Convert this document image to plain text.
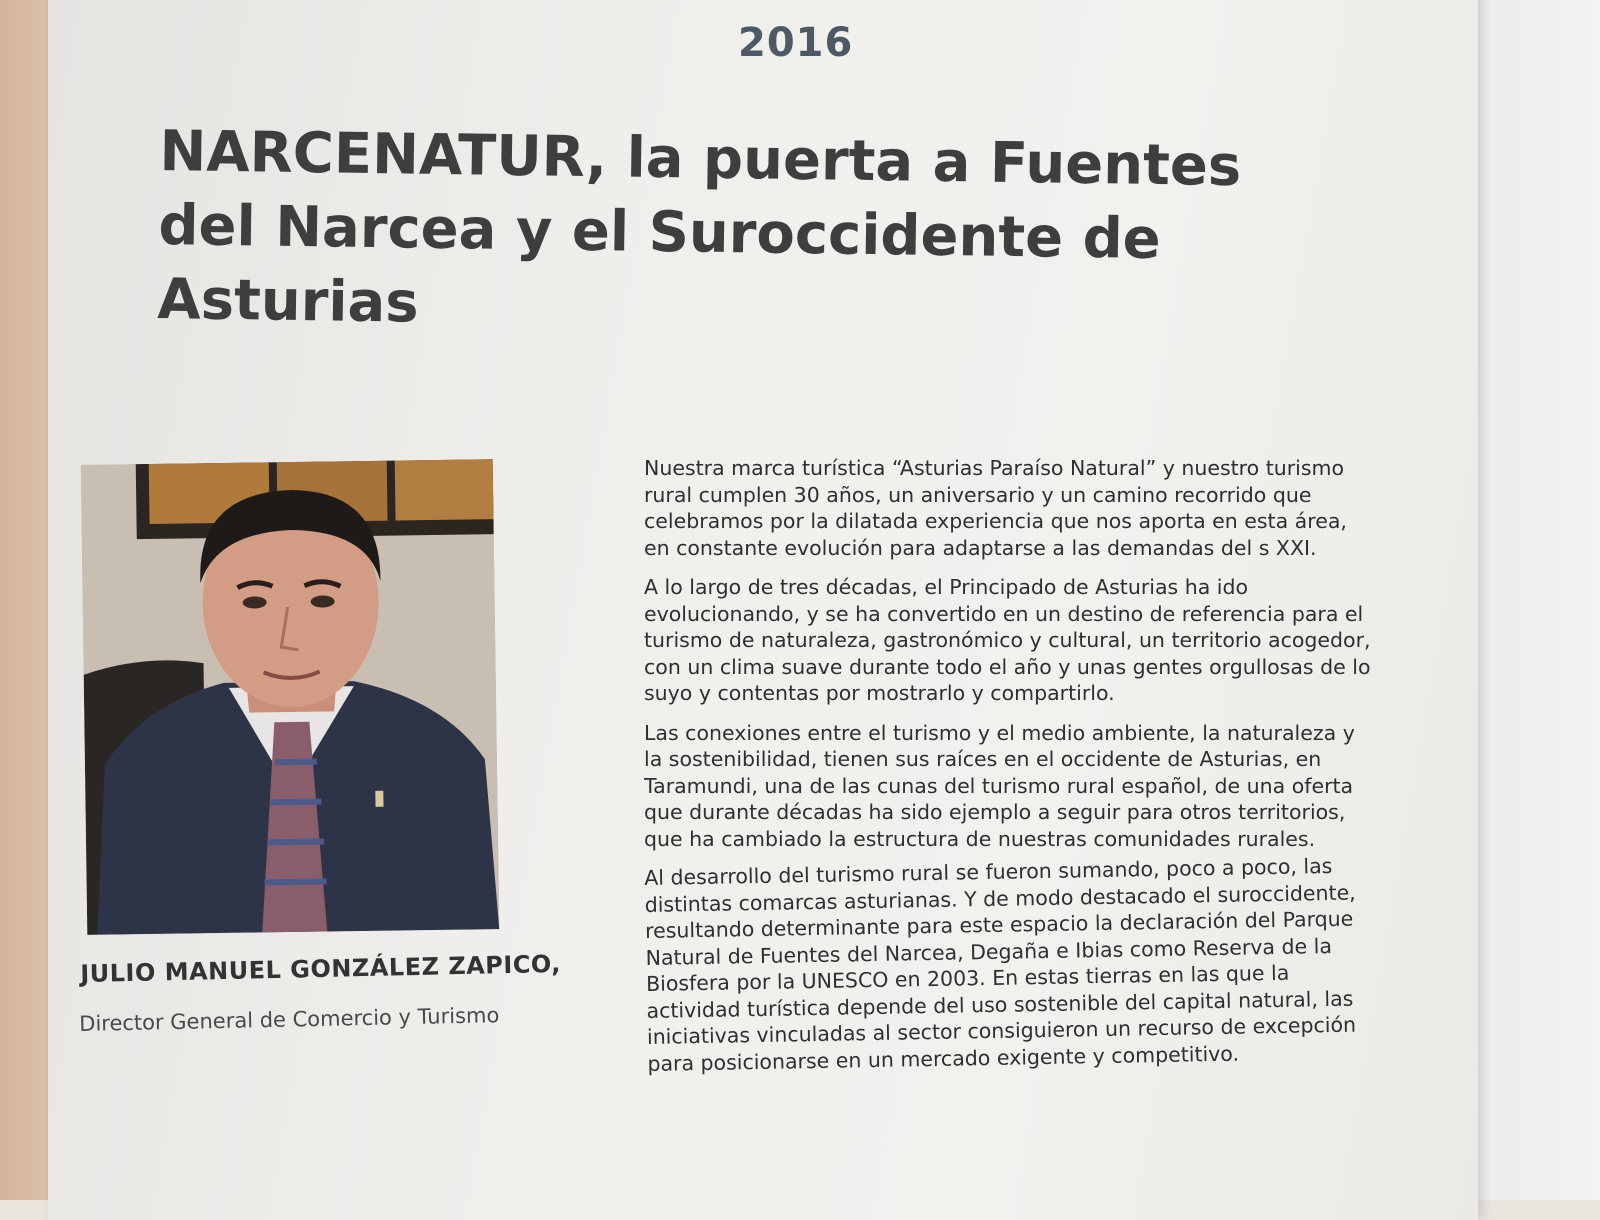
2016
NARCENATUR, la puerta a Fuentes
del Narcea y el Suroccidente de
Asturias
JULIO MANUEL GONZÁLEZ ZAPICO,
Director General de Comercio y Turismo

Nuestra marca turística “Asturias Paraíso Natural” y nuestro turismo rural cumplen 30 años, un aniversario y un camino recorrido que celebramos por la dilatada experiencia que nos aporta en esta área, en constante evolución para adaptarse a las demandas del s XXI.

A lo largo de tres décadas, el Principado de Asturias ha ido evolucionando, y se ha convertido en un destino de referencia para el turismo de naturaleza, gastronómico y cultural, un territorio acogedor, con un clima suave durante todo el año y unas gentes orgullosas de lo suyo y contentas por mostrarlo y compartirlo.

Las conexiones entre el turismo y el medio ambiente, la naturaleza y la sostenibilidad, tienen sus raíces en el occidente de Asturias, en Taramundi, una de las cunas del turismo rural español, de una oferta que durante décadas ha sido ejemplo a seguir para otros territorios, que ha cambiado la estructura de nuestras comunidades rurales.

Al desarrollo del turismo rural se fueron sumando, poco a poco, las distintas comarcas asturianas. Y de modo destacado el suroccidente, resultando determinante para este espacio la declaración del Parque Natural de Fuentes del Narcea, Degaña e Ibias como Reserva de la Biosfera por la UNESCO en 2003. En estas tierras en las que la actividad turística depende del uso sostenible del capital natural, las iniciativas vinculadas al sector consiguieron un recurso de excepción para posicionarse en un mercado exigente y competitivo.
